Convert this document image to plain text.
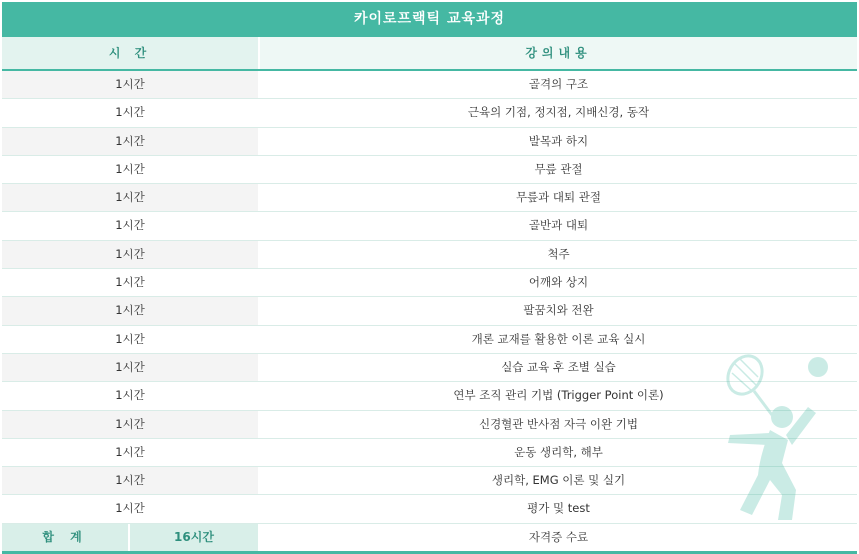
카이로프랙틱 교육과정
시 간	강의내용
1시간	골격의 구조
1시간	근육의 기점, 정지점, 지배신경, 동작
1시간	발목과 하지
1시간	무릎 관절
1시간	무릎과 대퇴 관절
1시간	골반과 대퇴
1시간	척주
1시간	어깨와 상지
1시간	팔꿈치와 전완
1시간	개론 교재를 활용한 이론 교육 실시
1시간	실습 교육 후 조별 실습
1시간	연부 조직 관리 기법 (Trigger Point 이론)
1시간	신경혈관 반사점 자극 이완 기법
1시간	운동 생리학, 해부
1시간	생리학, EMG 이론 및 실기
1시간	평가 및 test
합 계	16시간	자격증 수료
